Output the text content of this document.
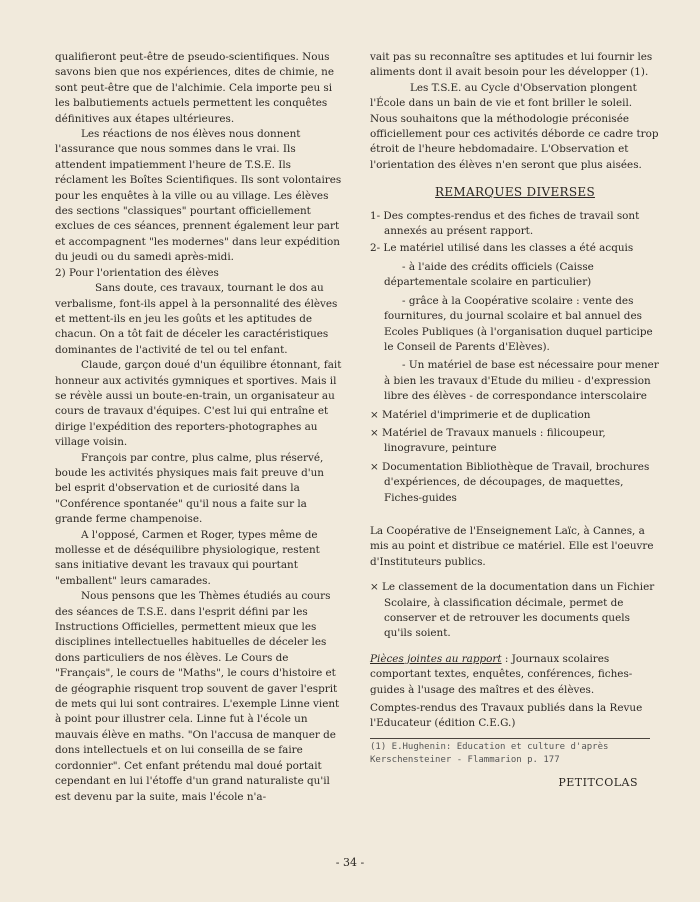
qualifieront peut-être de pseudo-scientifiques. Nous savons bien que nos expériences, dites de chimie, ne sont peut-être que de l'alchimie. Cela importe peu si les balbutiements actuels permettent les conquêtes définitives aux étapes ultérieures.

Les réactions de nos élèves nous donnent l'assurance que nous sommes dans le vrai. Ils attendent impatiemment l'heure de T.S.E. Ils réclament les Boîtes Scientifiques. Ils sont volontaires pour les enquêtes à la ville ou au village. Les élèves des sections "classiques" pourtant officiellement exclues de ces séances, prennent également leur part et accompagnent "les modernes" dans leur expédition du jeudi ou du samedi après-midi.

2) Pour l'orientation des élèves

Sans doute, ces travaux, tournant le dos au verbalisme, font-ils appel à la personnalité des élèves et mettent-ils en jeu les goûts et les aptitudes de chacun. On a tôt fait de déceler les caractéristiques dominantes de l'activité de tel ou tel enfant.

Claude, garçon doué d'un équilibre étonnant, fait honneur aux activités gymniques et sportives. Mais il se révèle aussi un boute-en-train, un organisateur au cours de travaux d'équipes. C'est lui qui entraîne et dirige l'expédition des reporters-photographes au village voisin.

François par contre, plus calme, plus réservé, boude les activités physiques mais fait preuve d'un bel esprit d'observation et de curiosité dans la "Conférence spontanée" qu'il nous a faite sur la grande ferme champenoise.

A l'opposé, Carmen et Roger, types même de mollesse et de déséquilibre physiologique, restent sans initiative devant les travaux qui pourtant "emballent" leurs camarades.

Nous pensons que les Thèmes étudiés au cours des séances de T.S.E. dans l'esprit défini par les Instructions Officielles, permettent mieux que les disciplines intellectuelles habituelles de déceler les dons particuliers de nos élèves. Le Cours de "Français", le cours de "Maths", le cours d'histoire et de géographie risquent trop souvent de gaver l'esprit de mets qui lui sont contraires. L'exemple Linne vient à point pour illustrer cela. Linne fut à l'école un mauvais élève en maths. "On l'accusa de manquer de dons intellectuels et on lui conseilla de se faire cordonnier". Cet enfant prétendu mal doué portait cependant en lui l'étoffe d'un grand naturaliste qu'il est devenu par la suite, mais l'école n'a-

vait pas su reconnaître ses aptitudes et lui fournir les aliments dont il avait besoin pour les développer (1).

Les T.S.E. au Cycle d'Observation plongent l'École dans un bain de vie et font briller le soleil. Nous souhaitons que la méthodologie préconisée officiellement pour ces activités déborde ce cadre trop étroit de l'heure hebdomadaire. L'Observation et l'orientation des élèves n'en seront que plus aisées.

REMARQUES DIVERSES

1- Des comptes-rendus et des fiches de travail sont annexés au présent rapport.

2- Le matériel utilisé dans les classes a été acquis

- à l'aide des crédits officiels (Caisse départementale scolaire en particulier)

- grâce à la Coopérative scolaire : vente des fournitures, du journal scolaire et bal annuel des Ecoles Publiques (à l'organisation duquel participe le Conseil de Parents d'Elèves).

- Un matériel de base est nécessaire pour mener à bien les travaux d'Etude du milieu - d'expression libre des élèves - de correspondance interscolaire

× Matériel d'imprimerie et de duplication

× Matériel de Travaux manuels : filicoupeur, linogravure, peinture

× Documentation Bibliothèque de Travail, brochures d'expériences, de découpages, de maquettes, Fiches-guides

La Coopérative de l'Enseignement Laïc, à Cannes, a mis au point et distribue ce matériel. Elle est l'oeuvre d'Instituteurs publics.

× Le classement de la documentation dans un Fichier Scolaire, à classification décimale, permet de conserver et de retrouver les documents quels qu'ils soient.

Pièces jointes au rapport : Journaux scolaires comportant textes, enquêtes, conférences, fiches-guides à l'usage des maîtres et des élèves.

Comptes-rendus des Travaux publiés dans la Revue l'Educateur (édition C.E.G.)

(1) E.Hughenin: Education et culture d'après Kerschensteiner - Flammarion p. 177

PETITCOLAS

- 34 -
